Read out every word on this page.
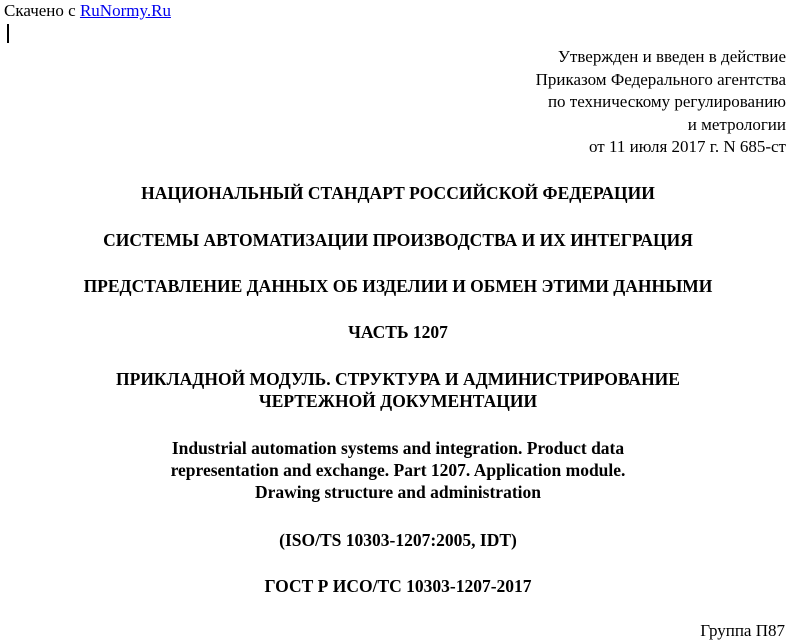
Скачено с RuNormy.Ru
Утвержден и введен в действие
Приказом Федерального агентства
по техническому регулированию
и метрологии
от 11 июля 2017 г. N 685-ст
НАЦИОНАЛЬНЫЙ СТАНДАРТ РОССИЙСКОЙ ФЕДЕРАЦИИ
СИСТЕМЫ АВТОМАТИЗАЦИИ ПРОИЗВОДСТВА И ИХ ИНТЕГРАЦИЯ
ПРЕДСТАВЛЕНИЕ ДАННЫХ ОБ ИЗДЕЛИИ И ОБМЕН ЭТИМИ ДАННЫМИ
ЧАСТЬ 1207
ПРИКЛАДНОЙ МОДУЛЬ. СТРУКТУРА И АДМИНИСТРИРОВАНИЕ
ЧЕРТЕЖНОЙ ДОКУМЕНТАЦИИ
Industrial automation systems and integration. Product data
representation and exchange. Part 1207. Application module.
Drawing structure and administration
(ISO/TS 10303-1207:2005, IDT)
ГОСТ Р ИСО/ТС 10303-1207-2017
Группа П87
